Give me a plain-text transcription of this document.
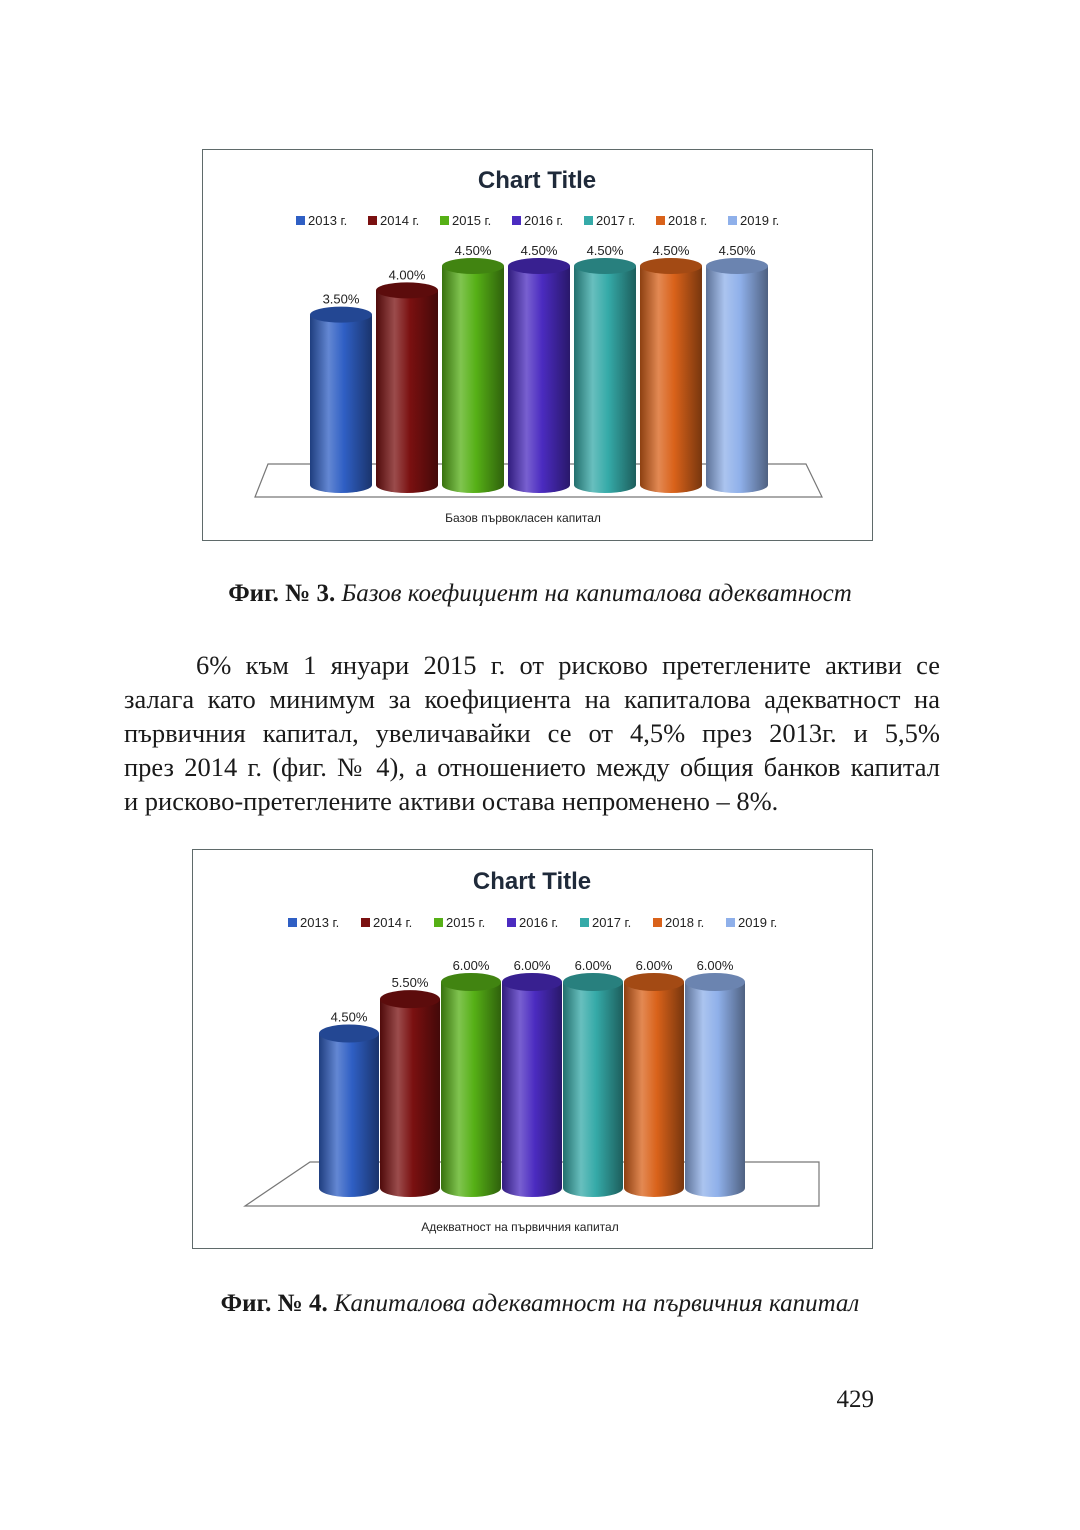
Chart Title
2013 г.	2014 г.	2015 г.	2016 г.	2017 г.	2018 г.	2019 г.
Базов първокласен капитал
3.50%
4.00%
4.50% 4.50% 4.50% 4.50% 4.50%
Фиг. № 3. Базов коефициент на капиталова адекватност

6% към 1 януари 2015 г. от рисково претеглените активи се
залага като минимум за коефициента на капиталова адекватност на
първичния капитал, увеличавайки се от 4,5% през 2013г. и 5,5%
през 2014 г. (фиг. № 4), а отношението между общия банков капитал
и рисково-претеглените активи остава непроменено – 8%.

Chart Title
2013 г.	2014 г.	2015 г.	2016 г.	2017 г.	2018 г.	2019 г.
Адекватност на първичния капитал
4.50%
5.50%
6.00% 6.00% 6.00% 6.00% 6.00%
Фиг. № 4. Капиталова адекватност на първичния капитал
429
